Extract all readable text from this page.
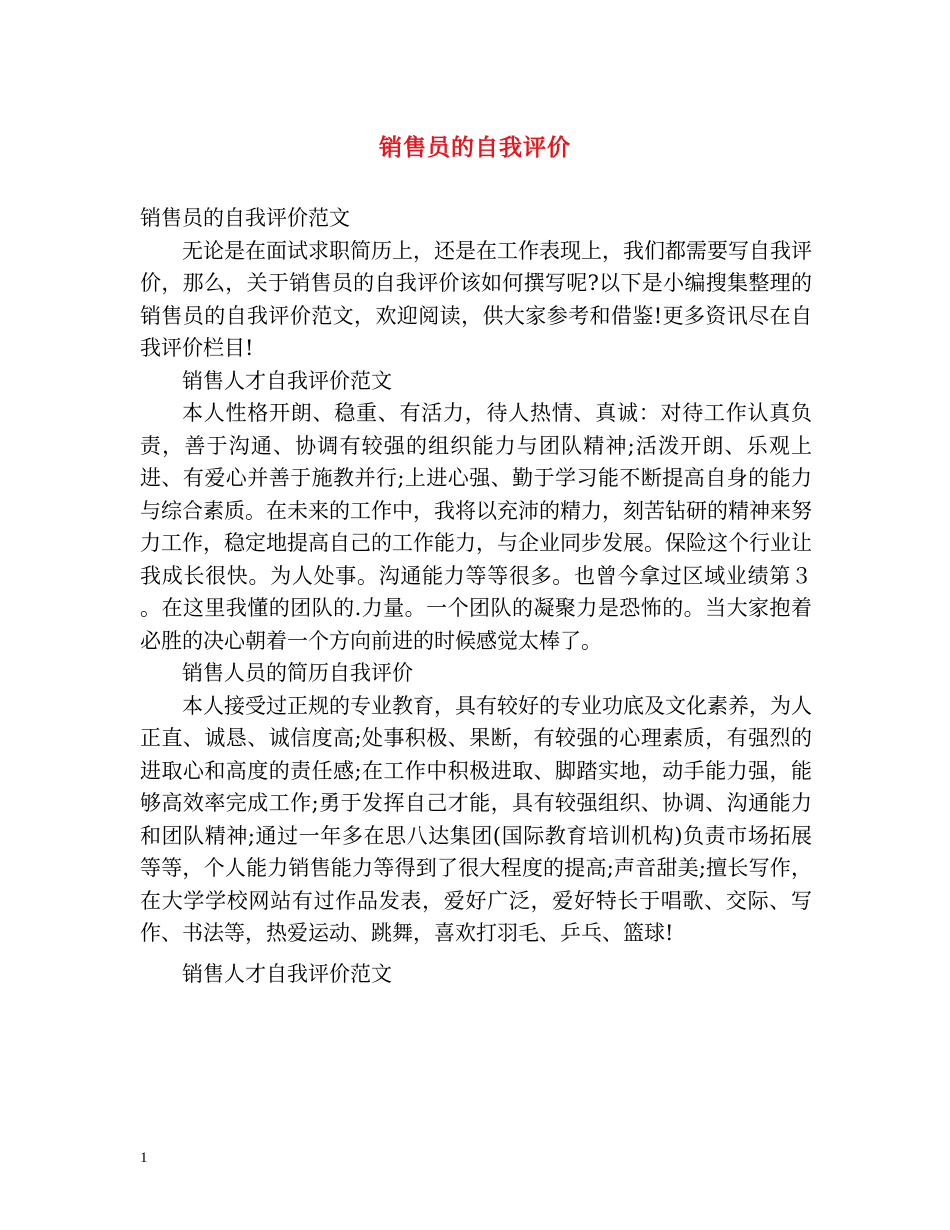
销售员的自我评价

销售员的自我评价范文

无论是在面试求职简历上，还是在工作表现上，我们都需要写自我评价，那么，关于销售员的自我评价该如何撰写呢?以下是小编搜集整理的销售员的自我评价范文，欢迎阅读，供大家参考和借鉴!更多资讯尽在自我评价栏目!

销售人才自我评价范文

本人性格开朗、稳重、有活力，待人热情、真诚：对待工作认真负责，善于沟通、协调有较强的组织能力与团队精神;活泼开朗、乐观上进、有爱心并善于施教并行;上进心强、勤于学习能不断提高自身的能力与综合素质。在未来的工作中，我将以充沛的精力，刻苦钻研的精神来努力工作，稳定地提高自己的工作能力，与企业同步发展。保险这个行业让我成长很快。为人处事。沟通能力等等很多。也曾今拿过区域业绩第３ 。在这里我懂的团队的.力量。一个团队的凝聚力是恐怖的。当大家抱着必胜的决心朝着一个方向前进的时候感觉太棒了。

销售人员的简历自我评价

本人接受过正规的专业教育，具有较好的专业功底及文化素养，为人正直、诚恳、诚信度高;处事积极、果断，有较强的心理素质，有强烈的进取心和高度的责任感;在工作中积极进取、脚踏实地，动手能力强，能够高效率完成工作;勇于发挥自己才能，具有较强组织、协调、沟通能力和团队精神;通过一年多在思八达集团(国际教育培训机构)负责市场拓展等等，个人能力销售能力等得到了很大程度的提高;声音甜美;擅长写作，在大学学校网站有过作品发表，爱好广泛，爱好特长于唱歌、交际、写作、书法等，热爱运动、跳舞，喜欢打羽毛、乒乓、篮球!

销售人才自我评价范文

1
